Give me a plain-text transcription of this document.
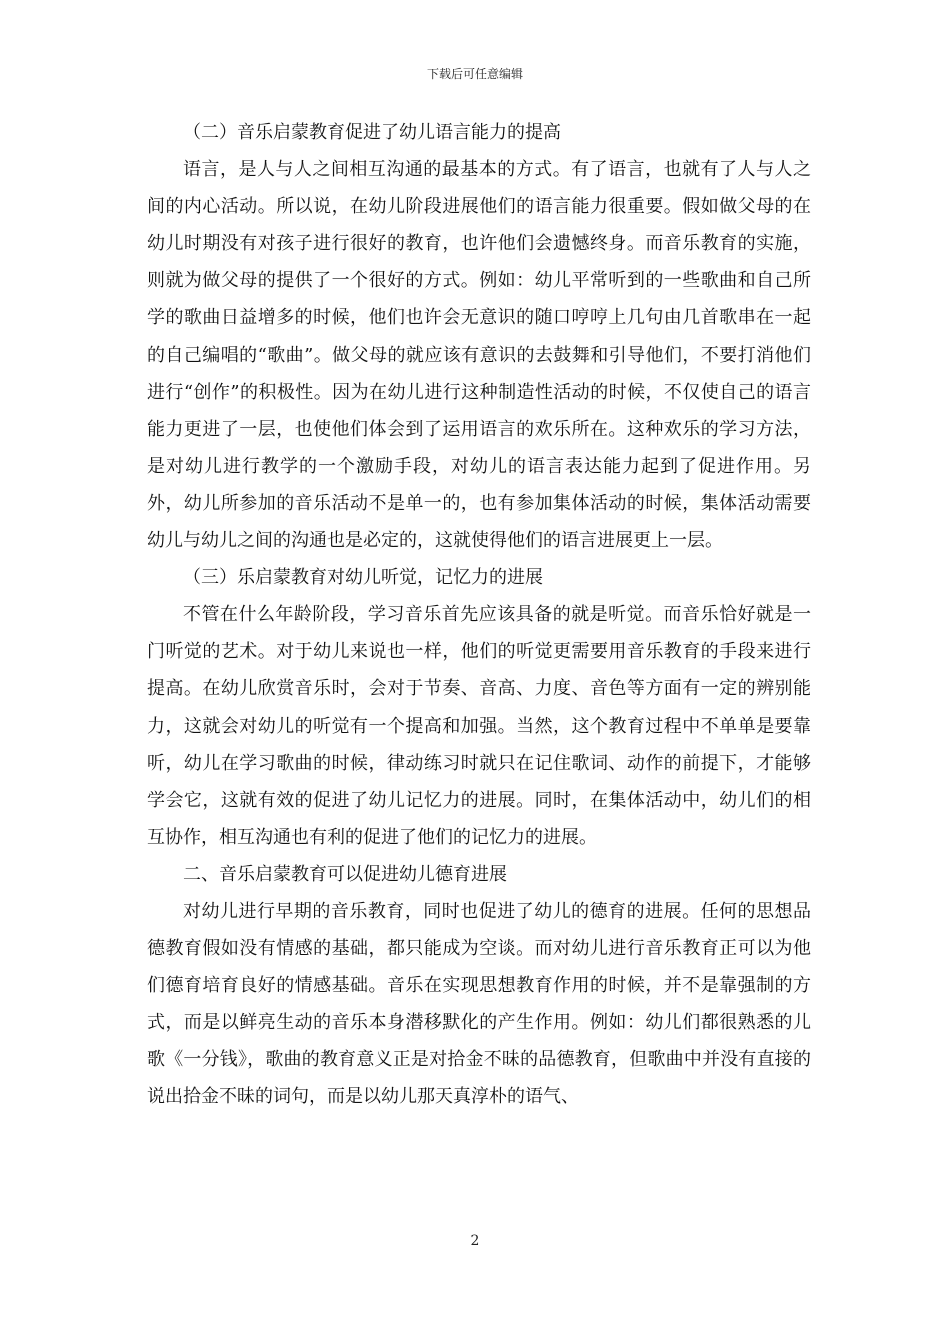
下载后可任意编辑
（二）音乐启蒙教育促进了幼儿语言能力的提高

语言，是人与人之间相互沟通的最基本的方式。有了语言，也就有了人与人之间的内心活动。所以说，在幼儿阶段进展他们的语言能力很重要。假如做父母的在幼儿时期没有对孩子进行很好的教育，也许他们会遗憾终身。而音乐教育的实施，则就为做父母的提供了一个很好的方式。例如：幼儿平常听到的一些歌曲和自己所学的歌曲日益增多的时候，他们也许会无意识的随口哼哼上几句由几首歌串在一起的自己编唱的“歌曲”。做父母的就应该有意识的去鼓舞和引导他们，不要打消他们进行“创作”的积极性。因为在幼儿进行这种制造性活动的时候，不仅使自己的语言能力更进了一层，也使他们体会到了运用语言的欢乐所在。这种欢乐的学习方法，是对幼儿进行教学的一个激励手段，对幼儿的语言表达能力起到了促进作用。另外，幼儿所参加的音乐活动不是单一的，也有参加集体活动的时候，集体活动需要幼儿与幼儿之间的沟通也是必定的，这就使得他们的语言进展更上一层。

（三）乐启蒙教育对幼儿听觉，记忆力的进展

不管在什么年龄阶段，学习音乐首先应该具备的就是听觉。而音乐恰好就是一门听觉的艺术。对于幼儿来说也一样，他们的听觉更需要用音乐教育的手段来进行提高。在幼儿欣赏音乐时，会对于节奏、音高、力度、音色等方面有一定的辨别能力，这就会对幼儿的听觉有一个提高和加强。当然，这个教育过程中不单单是要靠听，幼儿在学习歌曲的时候，律动练习时就只在记住歌词、动作的前提下，才能够学会它，这就有效的促进了幼儿记忆力的进展。同时，在集体活动中，幼儿们的相互协作，相互沟通也有利的促进了他们的记忆力的进展。

二、音乐启蒙教育可以促进幼儿德育进展

对幼儿进行早期的音乐教育，同时也促进了幼儿的德育的进展。任何的思想品德教育假如没有情感的基础，都只能成为空谈。而对幼儿进行音乐教育正可以为他们德育培育良好的情感基础。音乐在实现思想教育作用的时候，并不是靠强制的方式，而是以鲜亮生动的音乐本身潜移默化的产生作用。例如：幼儿们都很熟悉的儿歌《一分钱》，歌曲的教育意义正是对拾金不昧的品德教育，但歌曲中并没有直接的说出拾金不昧的词句，而是以幼儿那天真淳朴的语气、

2
